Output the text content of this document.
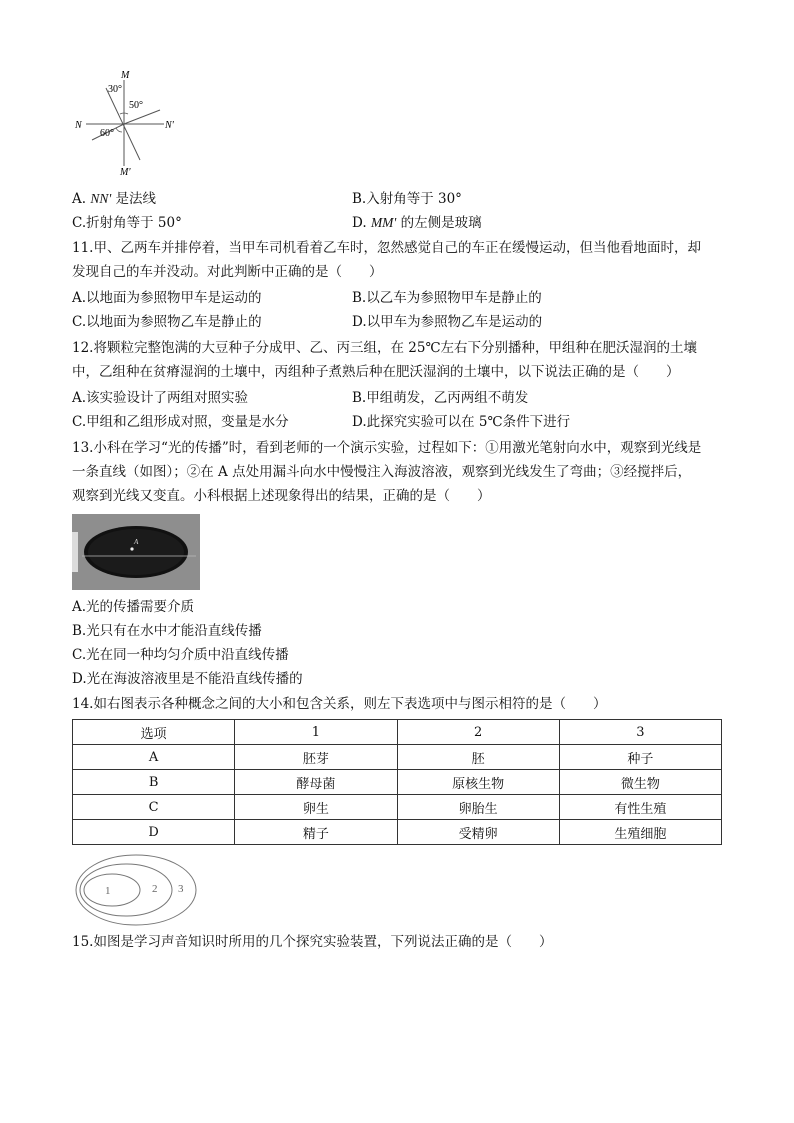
M
M'
N	N'
30°
50°
60°
A. NN' 是法线	B.入射角等于 30°
C.折射角等于 50°	D. MM' 的左侧是玻璃
11.甲、乙两车并排停着，当甲车司机看着乙车时，忽然感觉自己的车正在缓慢运动，但当他看地面时，却
发现自己的车并没动。对此判断中正确的是（　　）
A.以地面为参照物甲车是运动的	B.以乙车为参照物甲车是静止的
C.以地面为参照物乙车是静止的	D.以甲车为参照物乙车是运动的
12.将颗粒完整饱满的大豆种子分成甲、乙、丙三组，在 25℃左右下分别播种，甲组种在肥沃湿润的土壤
中，乙组种在贫瘠湿润的土壤中，丙组种子煮熟后种在肥沃湿润的土壤中，以下说法正确的是（　　）
A.该实验设计了两组对照实验	B.甲组萌发，乙丙两组不萌发
C.甲组和乙组形成对照，变量是水分	D.此探究实验可以在 5℃条件下进行
13.小科在学习“光的传播”时，看到老师的一个演示实验，过程如下：①用激光笔射向水中，观察到光线是
一条直线（如图）；②在 A 点处用漏斗向水中慢慢注入海波溶液，观察到光线发生了弯曲；③经搅拌后，
观察到光线又变直。小科根据上述现象得出的结果，正确的是（　　）
A
A.光的传播需要介质
B.光只有在水中才能沿直线传播
C.光在同一种均匀介质中沿直线传播
D.光在海波溶液里是不能沿直线传播的
14.如右图表示各种概念之间的大小和包含关系，则左下表选项中与图示相符的是（　　）
选项	1	2	3
A	胚芽	胚	种子
B	酵母菌	原核生物	微生物
C	卵生	卵胎生	有性生殖
D	精子	受精卵	生殖细胞
1	2 3
15.如图是学习声音知识时所用的几个探究实验装置，下列说法正确的是（　　）
